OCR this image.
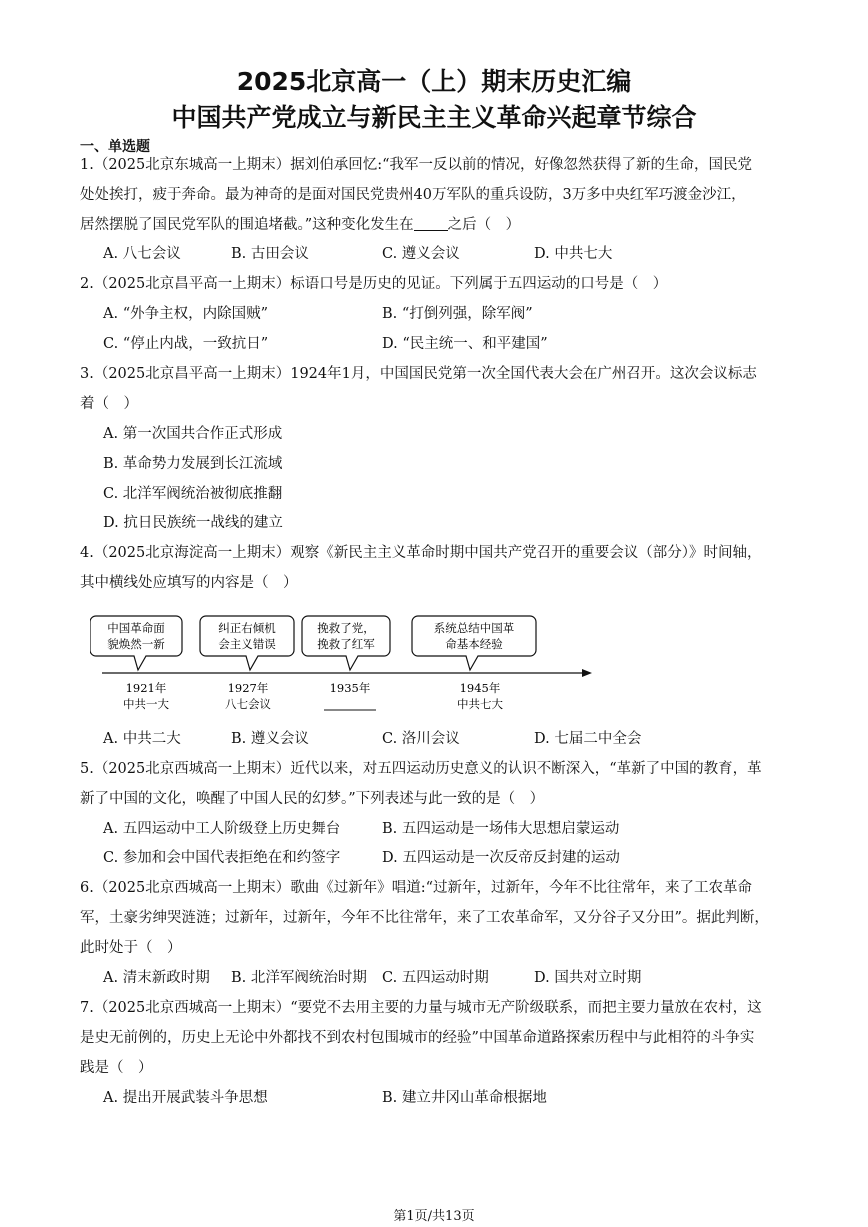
2025北京高一（上）期末历史汇编
中国共产党成立与新民主主义革命兴起章节综合
一、单选题
1.（2025北京东城高一上期末）据刘伯承回忆:“我军一反以前的情况，好像忽然获得了新的生命，国民党
处处挨打，疲于奔命。最为神奇的是面对国民党贵州40万军队的重兵设防，3万多中央红军巧渡金沙江，
居然摆脱了国民党军队的围追堵截。”这种变化发生在 之后（　）
A. 八七会议	B. 古田会议	C. 遵义会议	D. 中共七大
2.（2025北京昌平高一上期末）标语口号是历史的见证。下列属于五四运动的口号是（　）
A. “外争主权，内除国贼”	B. “打倒列强，除军阀”
C. “停止内战，一致抗日”	D. “民主统一、和平建国”
3.（2025北京昌平高一上期末）1924年1月，中国国民党第一次全国代表大会在广州召开。这次会议标志
着（　）
A. 第一次国共合作正式形成
B. 革命势力发展到长江流域
C. 北洋军阀统治被彻底推翻
D. 抗日民族统一战线的建立
4.（2025北京海淀高一上期末）观察《新民主主义革命时期中国共产党召开的重要会议（部分）》时间轴，
其中横线处应填写的内容是（　）
中国革命面
貌焕然一新
纠正右倾机
会主义错误
挽救了党，
挽救了红军
系统总结中国革
命基本经验
1921年
中共一大
1927年
八七会议
1935年	1945年
中共七大
A. 中共二大	B. 遵义会议	C. 洛川会议	D. 七届二中全会
5.（2025北京西城高一上期末）近代以来，对五四运动历史意义的认识不断深入，“革新了中国的教育，革
新了中国的文化，唤醒了中国人民的幻梦。”下列表述与此一致的是（　）
A. 五四运动中工人阶级登上历史舞台	B. 五四运动是一场伟大思想启蒙运动
C. 参加和会中国代表拒绝在和约签字	D. 五四运动是一次反帝反封建的运动
6.（2025北京西城高一上期末）歌曲《过新年》唱道:“过新年，过新年，今年不比往常年，来了工农革命
军，土豪劣绅哭涟涟；过新年，过新年，今年不比往常年，来了工农革命军，又分谷子又分田”。据此判断，
此时处于（　）
A. 清末新政时期 B. 北洋军阀统治时期 C. 五四运动时期	D. 国共对立时期
7.（2025北京西城高一上期末）“要党不去用主要的力量与城市无产阶级联系，而把主要力量放在农村，这
是史无前例的，历史上无论中外都找不到农村包围城市的经验”中国革命道路探索历程中与此相符的斗争实
践是（　）
A. 提出开展武装斗争思想	B. 建立井冈山革命根据地
第1页/共13页
